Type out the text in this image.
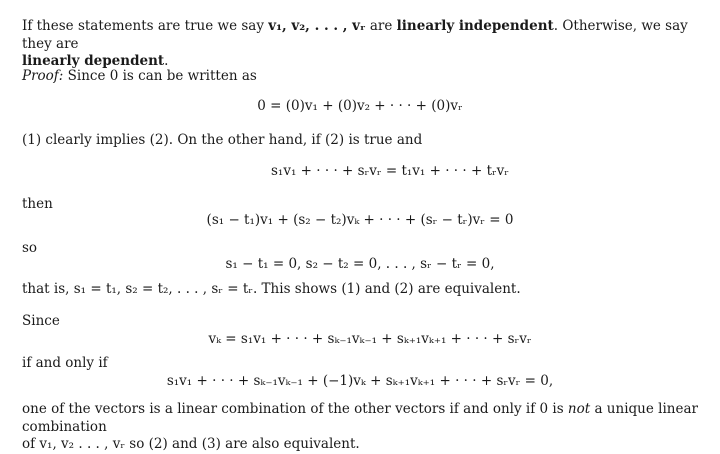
If these statements are true we say v₁, v₂, . . . , vᵣ are linearly independent. Otherwise, we say they are
linearly dependent.
Proof: Since 0 is can be written as
0 = (0)v₁ + (0)v₂ + · · · + (0)vᵣ
(1) clearly implies (2). On the other hand, if (2) is true and
s₁v₁ + · · · + sᵣvᵣ = t₁v₁ + · · · + tᵣvᵣ
then
(s₁ − t₁)v₁ + (s₂ − t₂)vₖ + · · · + (sᵣ − tᵣ)vᵣ = 0
so
s₁ − t₁ = 0, s₂ − t₂ = 0, . . . , sᵣ − tᵣ = 0,
that is, s₁ = t₁, s₂ = t₂, . . . , sᵣ = tᵣ. This shows (1) and (2) are equivalent.
Since
vₖ = s₁v₁ + · · · + sₖ₋₁vₖ₋₁ + sₖ₊₁vₖ₊₁ + · · · + sᵣvᵣ
if and only if
s₁v₁ + · · · + sₖ₋₁vₖ₋₁ + (−1)vₖ + sₖ₊₁vₖ₊₁ + · · · + sᵣvᵣ = 0,
one of the vectors is a linear combination of the other vectors if and only if 0 is not a unique linear combination
of v₁, v₂ . . . , vᵣ so (2) and (3) are also equivalent.
